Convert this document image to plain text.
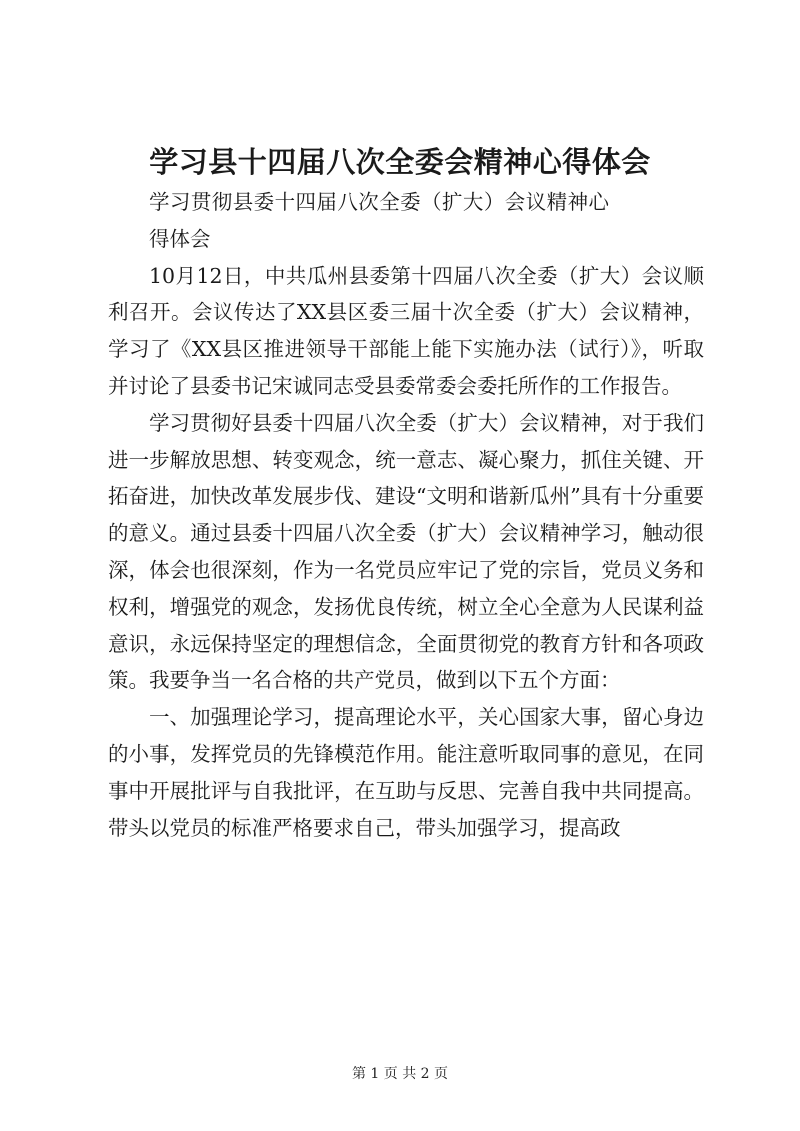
学习县十四届八次全委会精神心得体会

学习贯彻县委十四届八次全委（扩大）会议精神心得体会

10月12日，中共瓜州县委第十四届八次全委（扩大）会议顺利召开。会议传达了XX县区委三届十次全委（扩大）会议精神，学习了《XX县区推进领导干部能上能下实施办法（试行）》，听取并讨论了县委书记宋诚同志受县委常委会委托所作的工作报告。

学习贯彻好县委十四届八次全委（扩大）会议精神，对于我们进一步解放思想、转变观念，统一意志、凝心聚力，抓住关键、开拓奋进，加快改革发展步伐、建设“文明和谐新瓜州”具有十分重要的意义。通过县委十四届八次全委（扩大）会议精神学习，触动很深，体会也很深刻，作为一名党员应牢记了党的宗旨，党员义务和权利，增强党的观念，发扬优良传统，树立全心全意为人民谋利益意识，永远保持坚定的理想信念，全面贯彻党的教育方针和各项政策。我要争当一名合格的共产党员，做到以下五个方面：

一、加强理论学习，提高理论水平，关心国家大事，留心身边的小事，发挥党员的先锋模范作用。能注意听取同事的意见，在同事中开展批评与自我批评，在互助与反思、完善自我中共同提高。带头以党员的标准严格要求自己，带头加强学习，提高政

第 1 页 共 2 页
